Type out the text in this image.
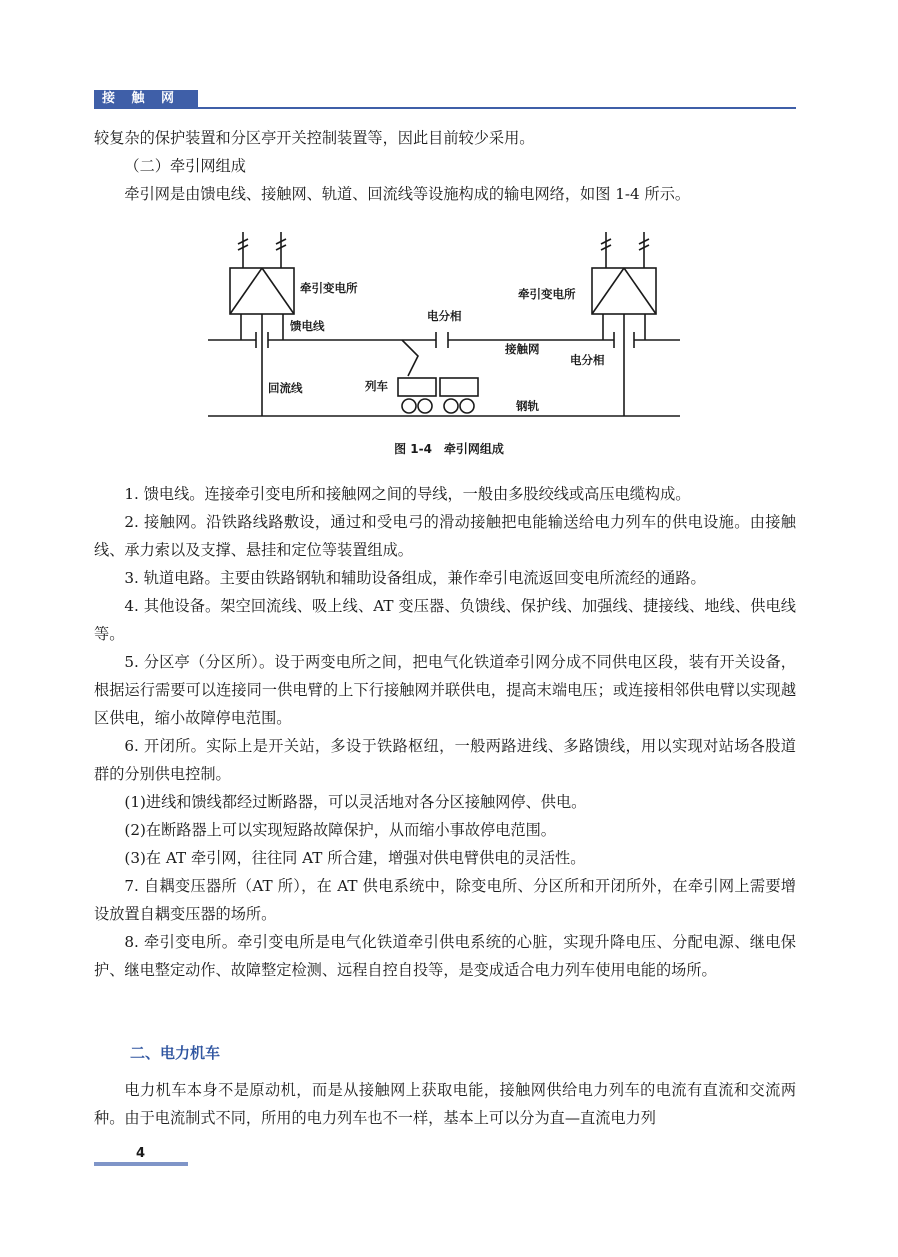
接 触 网 工

较复杂的保护装置和分区亭开关控制装置等，因此目前较少采用。

（二）牵引网组成

牵引网是由馈电线、接触网、轨道、回流线等设施构成的输电网络，如图 1-4 所示。

牵引变电所
馈电线
电分相
牵引变电所
接触网
电分相
回流线	列车
钢轨
图 1-4　牵引网组成

1. 馈电线。连接牵引变电所和接触网之间的导线，一般由多股绞线或高压电缆构成。

2. 接触网。沿铁路线路敷设，通过和受电弓的滑动接触把电能输送给电力列车的供电设施。由接触线、承力索以及支撑、悬挂和定位等装置组成。

3. 轨道电路。主要由铁路钢轨和辅助设备组成，兼作牵引电流返回变电所流经的通路。

4. 其他设备。架空回流线、吸上线、AT 变压器、负馈线、保护线、加强线、捷接线、地线、供电线等。

5. 分区亭（分区所）。设于两变电所之间，把电气化铁道牵引网分成不同供电区段，装有开关设备，根据运行需要可以连接同一供电臂的上下行接触网并联供电，提高末端电压；或连接相邻供电臂以实现越区供电，缩小故障停电范围。

6. 开闭所。实际上是开关站，多设于铁路枢纽，一般两路进线、多路馈线，用以实现对站场各股道群的分别供电控制。

(1)进线和馈线都经过断路器，可以灵活地对各分区接触网停、供电。

(2)在断路器上可以实现短路故障保护，从而缩小事故停电范围。

(3)在 AT 牵引网，往往同 AT 所合建，增强对供电臂供电的灵活性。

7. 自耦变压器所（AT 所），在 AT 供电系统中，除变电所、分区所和开闭所外，在牵引网上需要增设放置自耦变压器的场所。

8. 牵引变电所。牵引变电所是电气化铁道牵引供电系统的心脏，实现升降电压、分配电源、继电保护、继电整定动作、故障整定检测、远程自控自投等，是变成适合电力列车使用电能的场所。

二、电力机车

电力机车本身不是原动机，而是从接触网上获取电能，接触网供给电力列车的电流有直流和交流两种。由于电流制式不同，所用的电力列车也不一样，基本上可以分为直—直流电力列

4
